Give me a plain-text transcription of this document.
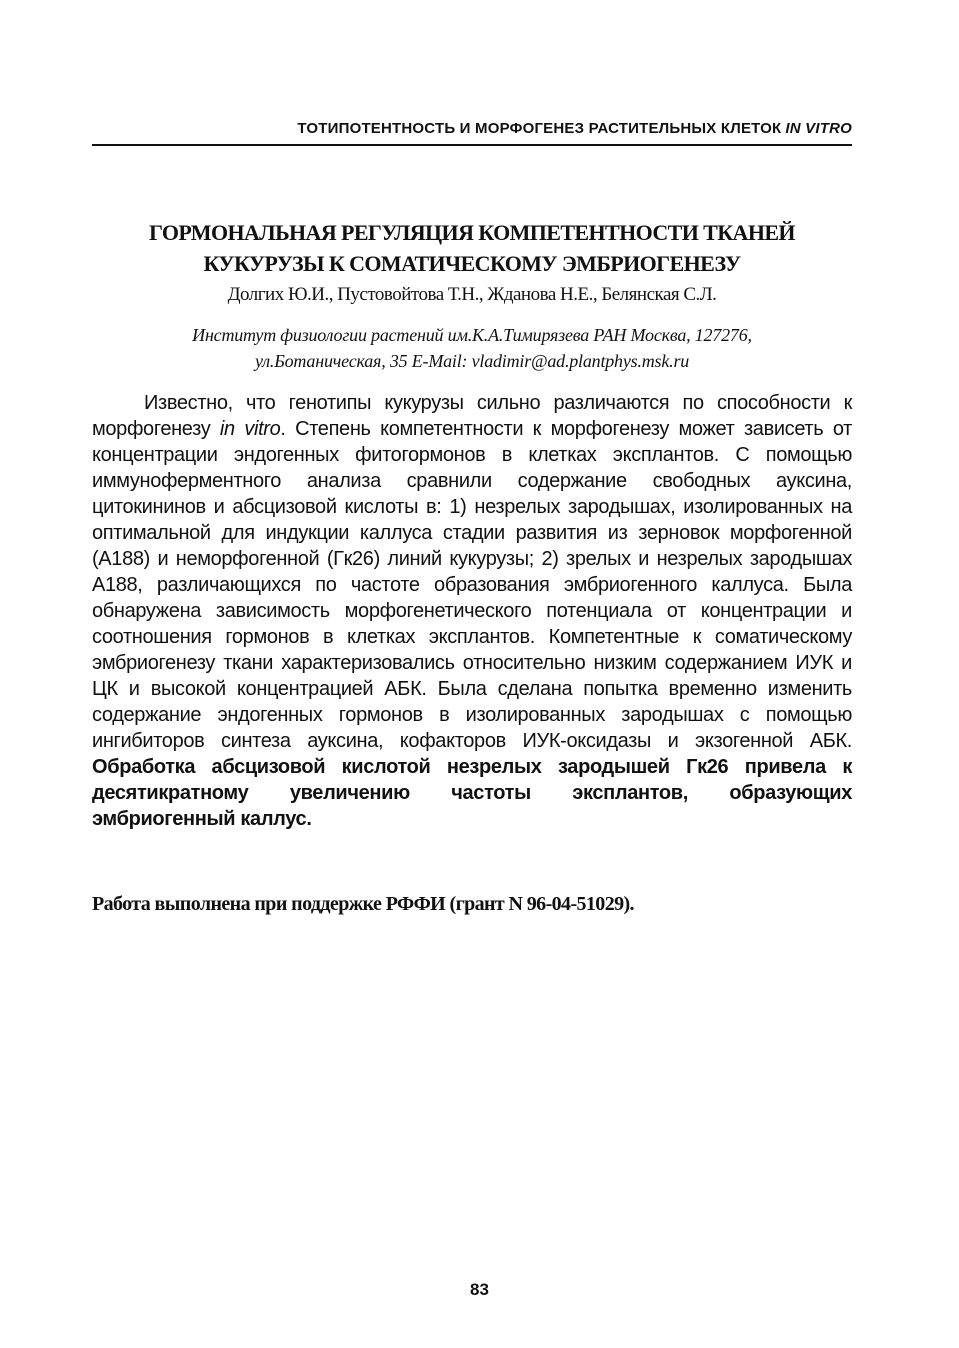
ТОТИПОТЕНТНОСТЬ И МОРФОГЕНЕЗ РАСТИТЕЛЬНЫХ КЛЕТОК IN VITRO
ГОРМОНАЛЬНАЯ РЕГУЛЯЦИЯ КОМПЕТЕНТНОСТИ ТКАНЕЙ
КУКУРУЗЫ К СОМАТИЧЕСКОМУ ЭМБРИОГЕНЕЗУ
Долгих Ю.И., Пустовойтова Т.Н., Жданова Н.Е., Белянская С.Л.
Институт физиологии растений им.К.А.Тимирязева РАН Москва, 127276,
ул.Ботаническая, 35 E-Mail: vladimir@ad.plantphys.msk.ru
Известно, что генотипы кукурузы сильно различаются по способности к морфогенезу in vitro. Степень компетентности к морфогенезу может зависеть от концентрации эндогенных фитогормонов в клетках эксплантов. С помощью иммуноферментного анализа сравнили содержание свободных ауксина, цитокининов и абсцизовой кислоты в: 1) незрелых зародышах, изолированных на оптимальной для индукции каллуса стадии развития из зерновок морфогенной (А188) и неморфогенной (Гк26) линий кукурузы; 2) зрелых и незрелых зародышах А188, различающихся по частоте образования эмбриогенного каллуса. Была обнаружена зависимость морфогенетического потенциала от концентрации и соотношения гормонов в клетках эксплантов. Компетентные к соматическому эмбриогенезу ткани характеризовались относительно низким содержанием ИУК и ЦК и высокой концентрацией АБК. Была сделана попытка временно изменить содержание эндогенных гормонов в изолированных зародышах с помощью ингибиторов синтеза ауксина, кофакторов ИУК-оксидазы и экзогенной АБК. Обработка абсцизовой кислотой незрелых зародышей Гк26 привела к десятикратному увеличению частоты эксплантов, образующих эмбриогенный каллус.
Работа выполнена при поддержке РФФИ (грант N 96-04-51029).
83
